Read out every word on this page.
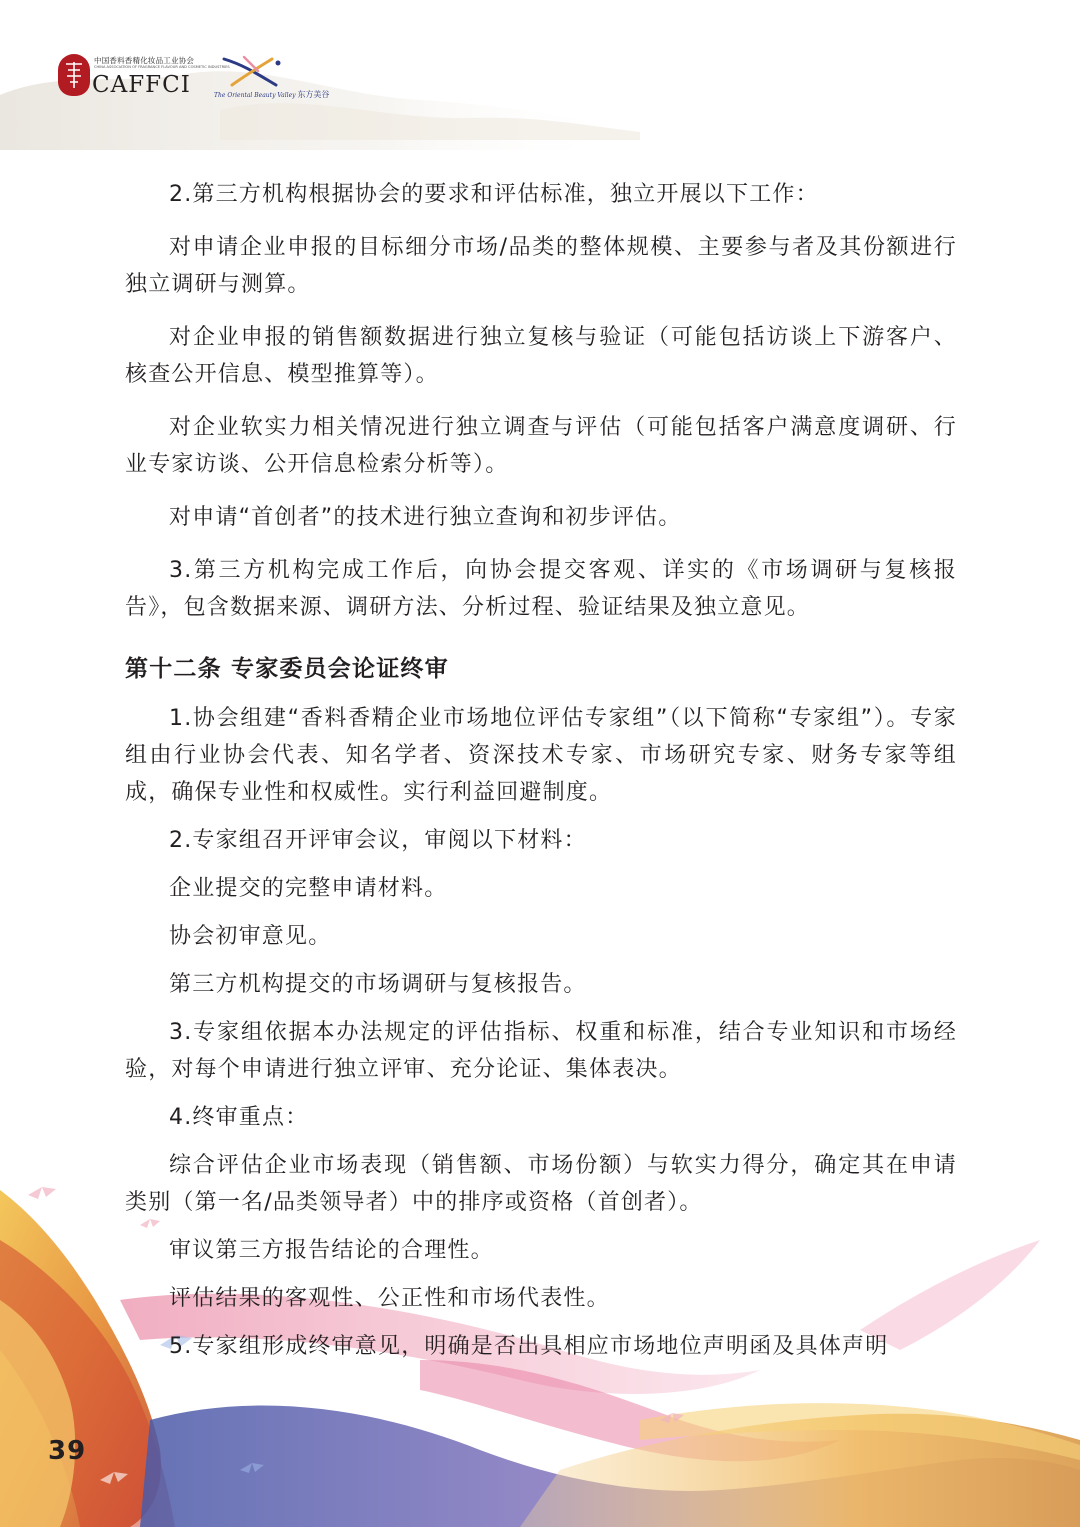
中国香料香精化妆品工业协会
CHINA ASSOCIATION OF FRAGRANCE FLAVOUR AND COSMETIC INDUSTRIES
CAFFCI	The Oriental Beauty Valley 东方美谷

2.第三方机构根据协会的要求和评估标准，独立开展以下工作：

对申请企业申报的目标细分市场/品类的整体规模、主要参与者及其份额进行独立调研与测算。

对企业申报的销售额数据进行独立复核与验证（可能包括访谈上下游客户、核查公开信息、模型推算等）。

对企业软实力相关情况进行独立调查与评估（可能包括客户满意度调研、行业专家访谈、公开信息检索分析等）。

对申请“首创者”的技术进行独立查询和初步评估。

3.第三方机构完成工作后，向协会提交客观、详实的《市场调研与复核报告》，包含数据来源、调研方法、分析过程、验证结果及独立意见。

第十二条 专家委员会论证终审

1.协会组建“香料香精企业市场地位评估专家组”（以下简称“专家组”）。专家组由行业协会代表、知名学者、资深技术专家、市场研究专家、财务专家等组成，确保专业性和权威性。实行利益回避制度。

2.专家组召开评审会议，审阅以下材料：

企业提交的完整申请材料。

协会初审意见。

第三方机构提交的市场调研与复核报告。

3.专家组依据本办法规定的评估指标、权重和标准，结合专业知识和市场经验，对每个申请进行独立评审、充分论证、集体表决。

4.终审重点：

综合评估企业市场表现（销售额、市场份额）与软实力得分，确定其在申请类别（第一名/品类领导者）中的排序或资格（首创者）。

审议第三方报告结论的合理性。

评估结果的客观性、公正性和市场代表性。

5.专家组形成终审意见，明确是否出具相应市场地位声明函及具体声明

39
